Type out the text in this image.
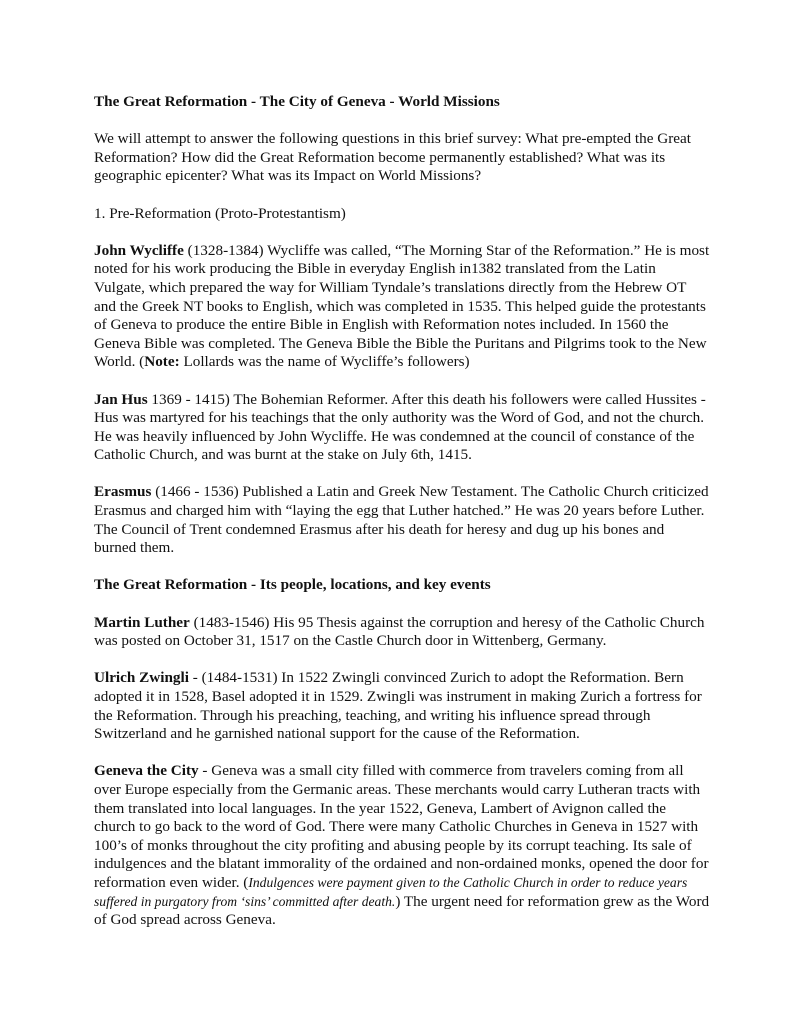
The Great Reformation - The City of Geneva - World Missions

We will attempt to answer the following questions in this brief survey: What pre-empted the Great Reformation? How did the Great Reformation become permanently established? What was its geographic epicenter? What was its Impact on World Missions?

1. Pre-Reformation (Proto-Protestantism)

John Wycliffe (1328-1384) Wycliffe was called, “The Morning Star of the Reformation.” He is most noted for his work producing the Bible in everyday English in1382 translated from the Latin Vulgate, which prepared the way for William Tyndale’s translations directly from the Hebrew OT and the Greek NT books to English, which was completed in 1535. This helped guide the protestants of Geneva to produce the entire Bible in English with Reformation notes included. In 1560 the Geneva Bible was completed. The Geneva Bible the Bible the Puritans and Pilgrims took to the New World. (Note: Lollards was the name of Wycliffe’s followers)

Jan Hus 1369 - 1415) The Bohemian Reformer. After this death his followers were called Hussites - Hus was martyred for his teachings that the only authority was the Word of God, and not the church. He was heavily influenced by John Wycliffe. He was condemned at the council of constance of the Catholic Church, and was burnt at the stake on July 6th, 1415.

Erasmus (1466 - 1536) Published a Latin and Greek New Testament. The Catholic Church criticized Erasmus and charged him with “laying the egg that Luther hatched.” He was 20 years before Luther. The Council of Trent condemned Erasmus after his death for heresy and dug up his bones and burned them.

The Great Reformation - Its people, locations, and key events

Martin Luther (1483-1546) His 95 Thesis against the corruption and heresy of the Catholic Church was posted on October 31, 1517 on the Castle Church door in Wittenberg, Germany.

Ulrich Zwingli - (1484-1531) In 1522 Zwingli convinced Zurich to adopt the Reformation. Bern adopted it in 1528, Basel adopted it in 1529. Zwingli was instrument in making Zurich a fortress for the Reformation. Through his preaching, teaching, and writing his influence spread through Switzerland and he garnished national support for the cause of the Reformation.

Geneva the City - Geneva was a small city filled with commerce from travelers coming from all over Europe especially from the Germanic areas. These merchants would carry Lutheran tracts with them translated into local languages. In the year 1522, Geneva, Lambert of Avignon called the church to go back to the word of God. There were many Catholic Churches in Geneva in 1527 with 100’s of monks throughout the city profiting and abusing people by its corrupt teaching. Its sale of indulgences and the blatant immorality of the ordained and non-ordained monks, opened the door for reformation even wider. (Indulgences were payment given to the Catholic Church in order to reduce years suffered in purgatory from ‘sins’ committed after death.) The urgent need for reformation grew as the Word of God spread across Geneva.
